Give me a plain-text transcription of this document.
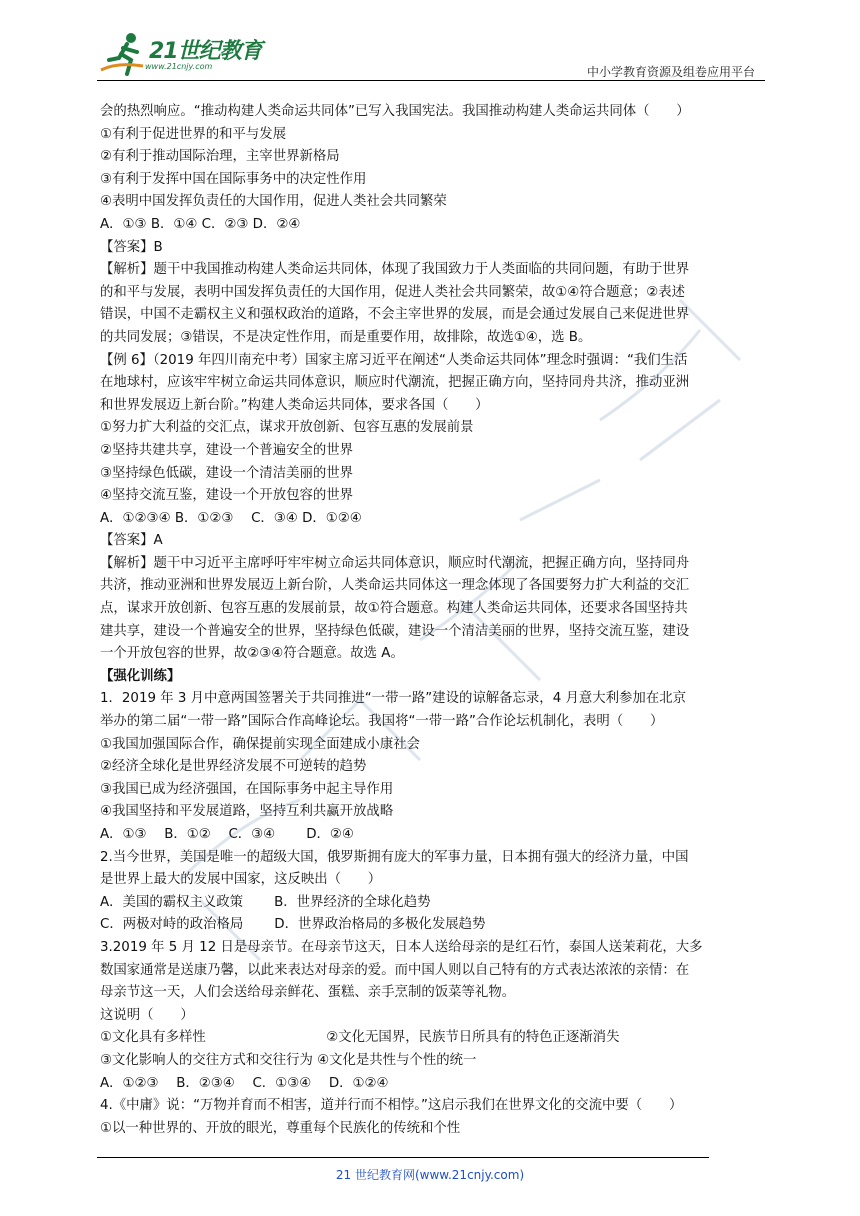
21世纪教育
www.21cnjy.com	中小学教育资源及组卷应用平台
会的热烈响应。“推动构建人类命运共同体”已写入我国宪法。我国推动构建人类命运共同体（　　）
①有利于促进世界的和平与发展
②有利于推动国际治理，主宰世界新格局
③有利于发挥中国在国际事务中的决定性作用
④表明中国发挥负责任的大国作用，促进人类社会共同繁荣
A．①③ B．①④ C．②③ D．②④
【答案】B
【解析】题干中我国推动构建人类命运共同体，体现了我国致力于人类面临的共同问题，有助于世界
的和平与发展，表明中国发挥负责任的大国作用，促进人类社会共同繁荣，故①④符合题意；②表述
错误，中国不走霸权主义和强权政治的道路，不会主宰世界的发展，而是会通过发展自己来促进世界
的共同发展；③错误，不是决定性作用，而是重要作用，故排除，故选①④，选 B。
【例 6】（2019 年四川南充中考）国家主席习近平在阐述“人类命运共同体”理念时强调：“我们生活
在地球村，应该牢牢树立命运共同体意识，顺应时代潮流，把握正确方向，坚持同舟共济，推动亚洲
和世界发展迈上新台阶。”构建人类命运共同体，要求各国（　　）
①努力扩大利益的交汇点，谋求开放创新、包容互惠的发展前景
②坚持共建共享，建设一个普遍安全的世界
③坚持绿色低碳，建设一个清洁美丽的世界
④坚持交流互鉴，建设一个开放包容的世界
A．①②③④ B．①②③　 C．③④ D．①②④
【答案】A
【解析】题干中习近平主席呼吁牢牢树立命运共同体意识，顺应时代潮流，把握正确方向，坚持同舟
共济，推动亚洲和世界发展迈上新台阶，人类命运共同体这一理念体现了各国要努力扩大利益的交汇
点，谋求开放创新、包容互惠的发展前景，故①符合题意。构建人类命运共同体，还要求各国坚持共
建共享，建设一个普遍安全的世界，坚持绿色低碳，建设一个清洁美丽的世界，坚持交流互鉴，建设
一个开放包容的世界，故②③④符合题意。故选 A。
【强化训练】
1．2019 年 3 月中意两国签署关于共同推进“一带一路”建设的谅解备忘录，4 月意大利参加在北京
举办的第二届“一带一路”国际合作高峰论坛。我国将“一带一路”合作论坛机制化，表明（　　）
①我国加强国际合作，确保提前实现全面建成小康社会
②经济全球化是世界经济发展不可逆转的趋势
③我国已成为经济强国，在国际事务中起主导作用
④我国坚持和平发展道路，坚持互利共赢开放战略
A．①③　 B．①②　 C．③④　　 D．②④
2.当今世界，美国是唯一的超级大国，俄罗斯拥有庞大的军事力量，日本拥有强大的经济力量，中国
是世界上最大的发展中国家，这反映出（　　）
A．美国的霸权主义政策　　 B．世界经济的全球化趋势
C．两极对峙的政治格局　　 D．世界政治格局的多极化发展趋势
3.2019 年 5 月 12 日是母亲节。在母亲节这天，日本人送给母亲的是红石竹，泰国人送茉莉花，大多
数国家通常是送康乃馨，以此来表达对母亲的爱。而中国人则以自己特有的方式表达浓浓的亲情：在
母亲节这一天，人们会送给母亲鲜花、蛋糕、亲手烹制的饭菜等礼物。
这说明（　　）
①文化具有多样性　　　　　　　　　②文化无国界，民族节日所具有的特色正逐渐消失
③文化影响人的交往方式和交往行为 ④文化是共性与个性的统一
A．①②③　 B．②③④　 C．①③④　 D．①②④
4.《中庸》说：“万物并育而不相害，道并行而不相悖。”这启示我们在世界文化的交流中要（　　）
①以一种世界的、开放的眼光，尊重每个民族化的传统和个性
21 世纪教育网(www.21cnjy.com)
